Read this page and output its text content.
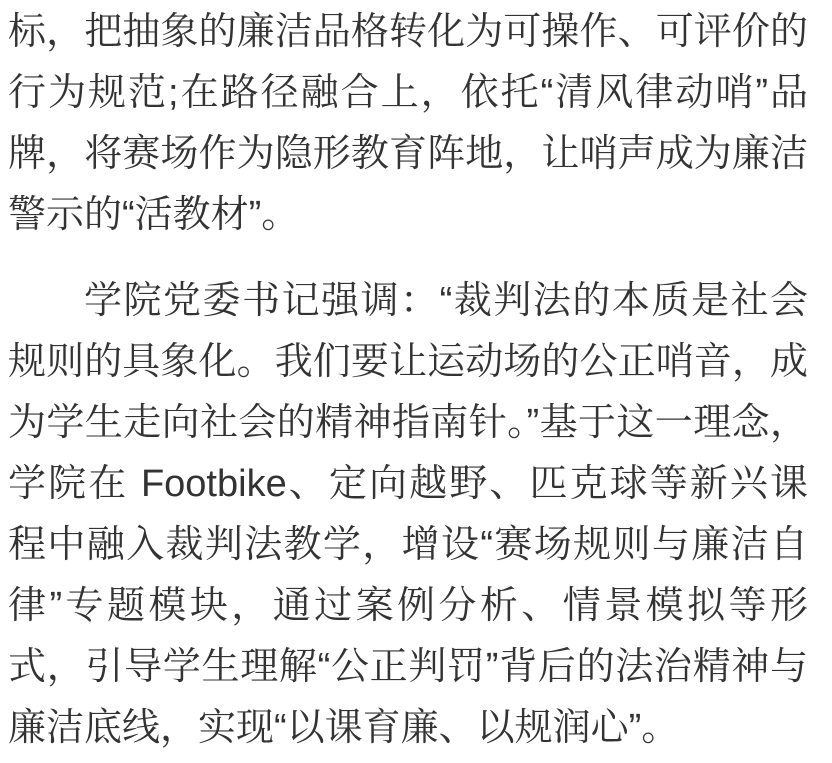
标，把抽象的廉洁品格转化为可操作、可评价的行为规范;在路径融合上，依托“清风律动哨”品牌，将赛场作为隐形教育阵地，让哨声成为廉洁警示的“活教材”。

学院党委书记强调：“裁判法的本质是社会规则的具象化。我们要让运动场的公正哨音，成为学生走向社会的精神指南针。”基于这一理念，学院在 Footbike、定向越野、匹克球等新兴课程中融入裁判法教学，增设“赛场规则与廉洁自律”专题模块，通过案例分析、情景模拟等形式，引导学生理解“公正判罚”背后的法治精神与廉洁底线，实现“以课育廉、以规润心”。
